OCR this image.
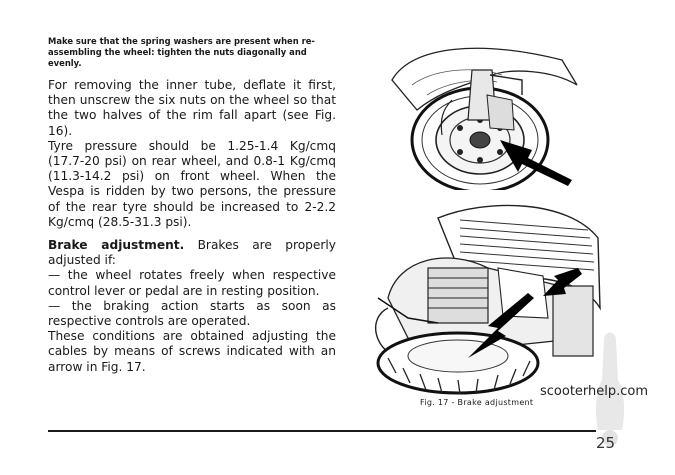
Make sure that the spring washers are present when re-assembling the wheel: tighten the nuts diagonally and evenly.

For removing the inner tube, deflate it first, then unscrew the six nuts on the wheel so that the two halves of the rim fall apart (see Fig. 16).

Tyre pressure should be 1.25-1.4 Kg/cmq (17.7-20 psi) on rear wheel, and 0.8-1 Kg/cmq (11.3-14.2 psi) on front wheel. When the Vespa is ridden by two persons, the pressure of the rear tyre should be increased to 2-2.2 Kg/cmq (28.5-31.3 psi).

Brake adjustment. Brakes are properly adjusted if:

— the wheel rotates freely when respective control lever or pedal are in resting position.

— the braking action starts as soon as respective controls are operated.

These conditions are obtained adjusting the cables by means of screws indicated with an arrow in Fig. 17.

Fig. 17 - Brake adjustment
scooterhelp.com
25
